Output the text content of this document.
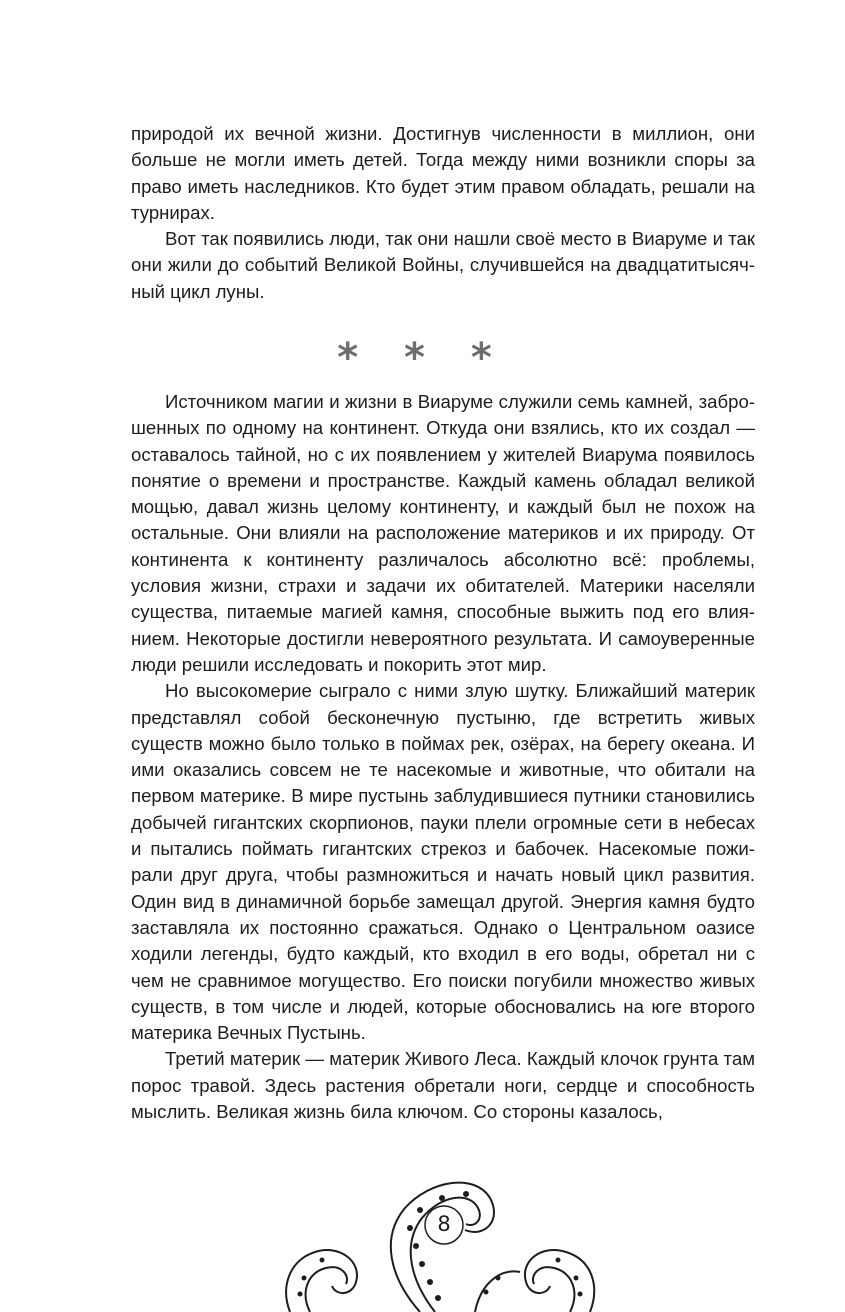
природой их вечной жизни. Достигнув численности в миллион, они больше не могли иметь детей. Тогда между ними возникли споры за право иметь наследников. Кто будет этим правом обладать, решали на турнирах.

Вот так появились люди, так они нашли своё место в Виаруме и так они жили до событий Великой Войны, случившейся на двадцатитысячный цикл луны.

* * *

Источником магии и жизни в Виаруме служили семь камней, заброшенных по одному на континент. Откуда они взялись, кто их создал — оставалось тайной, но с их появлением у жителей Виарума появилось понятие о времени и пространстве. Каждый камень обладал великой мощью, давал жизнь целому континенту, и каждый был не похож на остальные. Они влияли на расположение материков и их природу. От континента к континенту различалось абсолютно всё: проблемы, условия жизни, страхи и задачи их обитателей. Материки населяли существа, питаемые магией камня, способные выжить под его влиянием. Некоторые достигли невероятного результата. И самоуверенные люди решили исследовать и покорить этот мир.

Но высокомерие сыграло с ними злую шутку. Ближайший материк представлял собой бесконечную пустыню, где встретить живых существ можно было только в поймах рек, озёрах, на берегу океана. И ими оказались совсем не те насекомые и животные, что обитали на первом материке. В мире пустынь заблудившиеся путники становились добычей гигантских скорпионов, пауки плели огромные сети в небесах и пытались поймать гигантских стрекоз и бабочек. Насекомые пожирали друг друга, чтобы размножиться и начать новый цикл развития. Один вид в динамичной борьбе замещал другой. Энергия камня будто заставляла их постоянно сражаться. Однако о Центральном оазисе ходили легенды, будто каждый, кто входил в его воды, обретал ни с чем не сравнимое могущество. Его поиски погубили множество живых существ, в том числе и людей, которые обосновались на юге второго материка Вечных Пустынь.

Третий материк — материк Живого Леса. Каждый клочок грунта там порос травой. Здесь растения обретали ноги, сердце и способность мыслить. Великая жизнь била ключом. Со стороны казалось,

8
